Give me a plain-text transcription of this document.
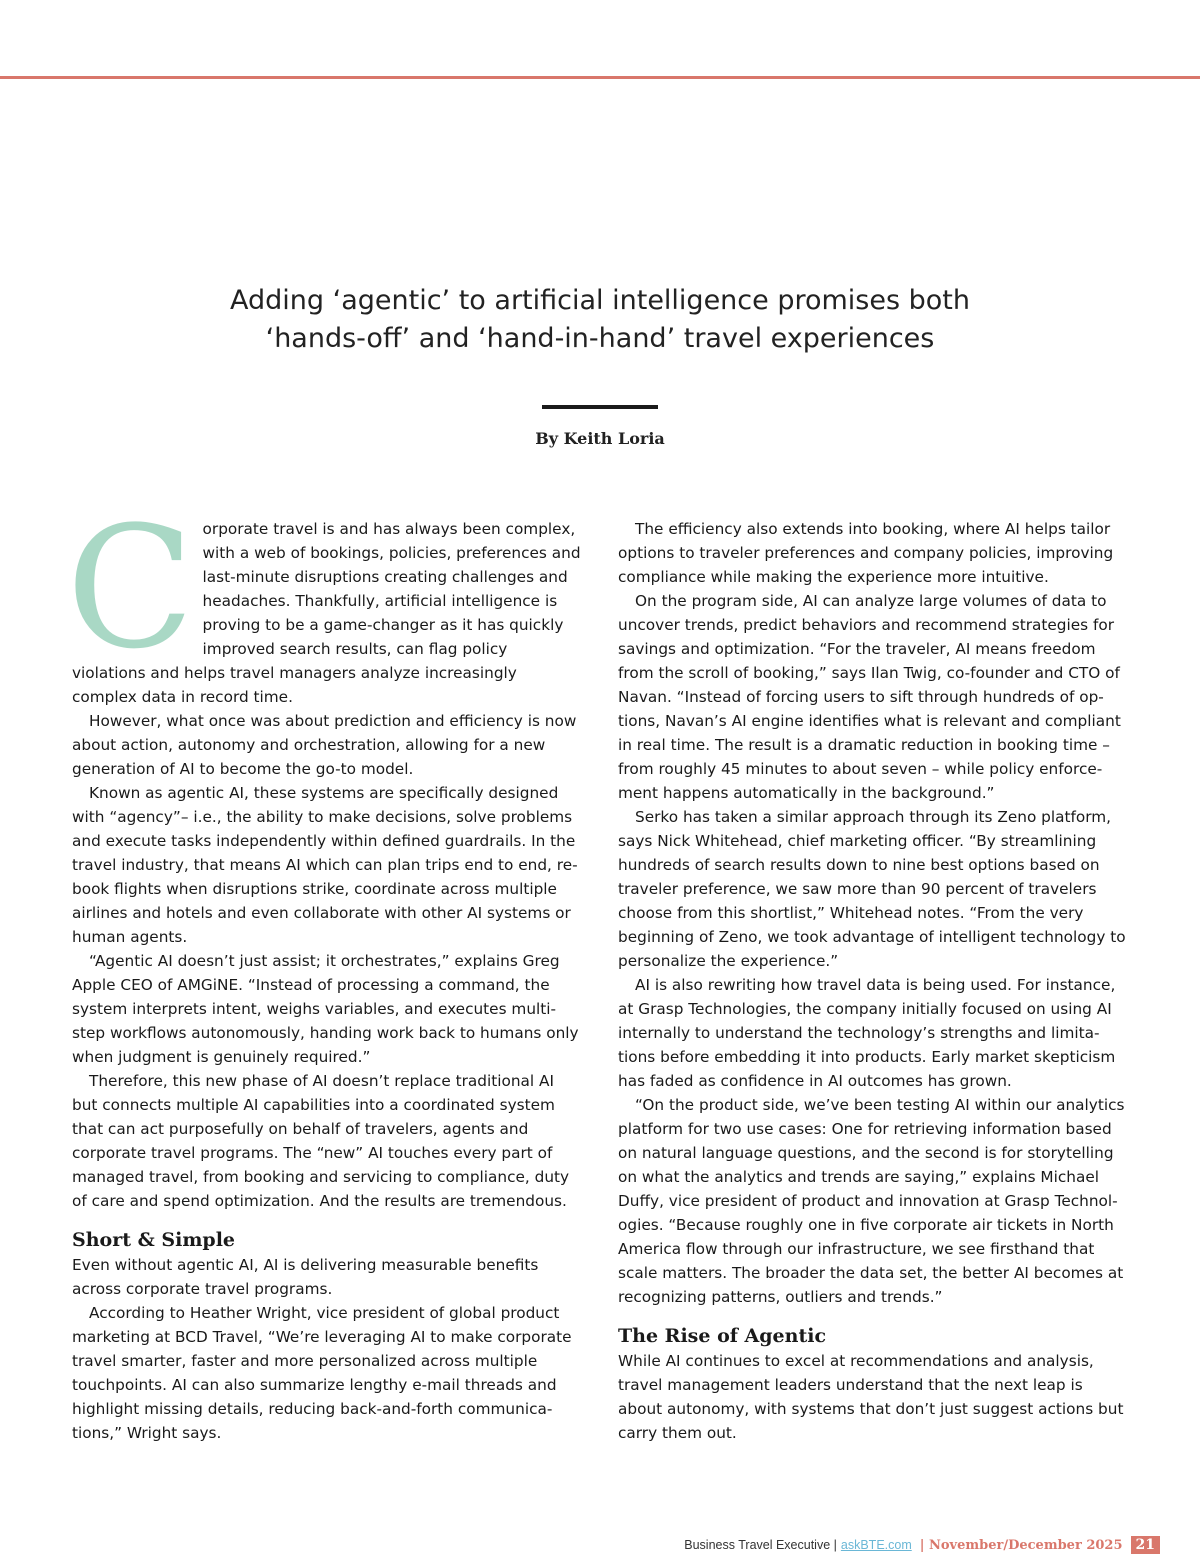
Adding ‘agentic’ to artificial intelligence promises both
‘hands-off’ and ‘hand-in-hand’ travel experiences
By Keith Loria

Corporate travel is and has always been complex, with a web of bookings, policies, preferences and last-minute disruptions creating challenges and headaches. Thankfully, artificial intelligence is proving to be a game-changer as it has quickly improved search results, can flag policy violations and helps travel managers analyze increasingly complex data in record time.

However, what once was about prediction and efficiency is now about action, autonomy and orchestration, allowing for a new generation of AI to become the go-to model.

Known as agentic AI, these systems are specifically designed with “agency”– i.e., the ability to make decisions, solve problems and execute tasks independently within defined guardrails. In the travel industry, that means AI which can plan trips end to end, re-book flights when disruptions strike, coordinate across multiple airlines and hotels and even collaborate with other AI systems or human agents.

“Agentic AI doesn’t just assist; it orchestrates,” explains Greg Apple CEO of AMGiNE. “Instead of processing a command, the system interprets intent, weighs variables, and executes multi-step workflows autonomously, handing work back to humans only when judgment is genuinely required.”

Therefore, this new phase of AI doesn’t replace traditional AI but connects multiple AI capabilities into a coordinated system that can act purposefully on behalf of travelers, agents and corporate travel programs. The “new” AI touches every part of managed travel, from booking and servicing to compliance, duty of care and spend optimization. And the results are tremendous.

Short & Simple

Even without agentic AI, AI is delivering measurable benefits across corporate travel programs.

According to Heather Wright, vice president of global product marketing at BCD Travel, “We’re leveraging AI to make corporate travel smarter, faster and more personalized across multiple touchpoints. AI can also summarize lengthy e-mail threads and highlight missing details, reducing back-and-forth communica-tions,” Wright says.

The efficiency also extends into booking, where AI helps tailor options to traveler preferences and company policies, improving compliance while making the experience more intuitive.

On the program side, AI can analyze large volumes of data to uncover trends, predict behaviors and recommend strategies for savings and optimization. “For the traveler, AI means freedom from the scroll of booking,” says Ilan Twig, co-founder and CTO of Navan. “Instead of forcing users to sift through hundreds of op-tions, Navan’s AI engine identifies what is relevant and compliant in real time. The result is a dramatic reduction in booking time – from roughly 45 minutes to about seven – while policy enforce-ment happens automatically in the background.”

Serko has taken a similar approach through its Zeno platform, says Nick Whitehead, chief marketing officer. “By streamlining hundreds of search results down to nine best options based on traveler preference, we saw more than 90 percent of travelers choose from this shortlist,” Whitehead notes. “From the very beginning of Zeno, we took advantage of intelligent technology to personalize the experience.”

AI is also rewriting how travel data is being used. For instance, at Grasp Technologies, the company initially focused on using AI internally to understand the technology’s strengths and limita-tions before embedding it into products. Early market skepticism has faded as confidence in AI outcomes has grown.

“On the product side, we’ve been testing AI within our analytics platform for two use cases: One for retrieving information based on natural language questions, and the second is for storytelling on what the analytics and trends are saying,” explains Michael Duffy, vice president of product and innovation at Grasp Technol-ogies. “Because roughly one in five corporate air tickets in North America flow through our infrastructure, we see firsthand that scale matters. The broader the data set, the better AI becomes at recognizing patterns, outliers and trends.”

The Rise of Agentic

While AI continues to excel at recommendations and analysis, travel management leaders understand that the next leap is about autonomy, with systems that don’t just suggest actions but carry them out.

Business Travel Executive | askBTE.com | November/December 2025 21
